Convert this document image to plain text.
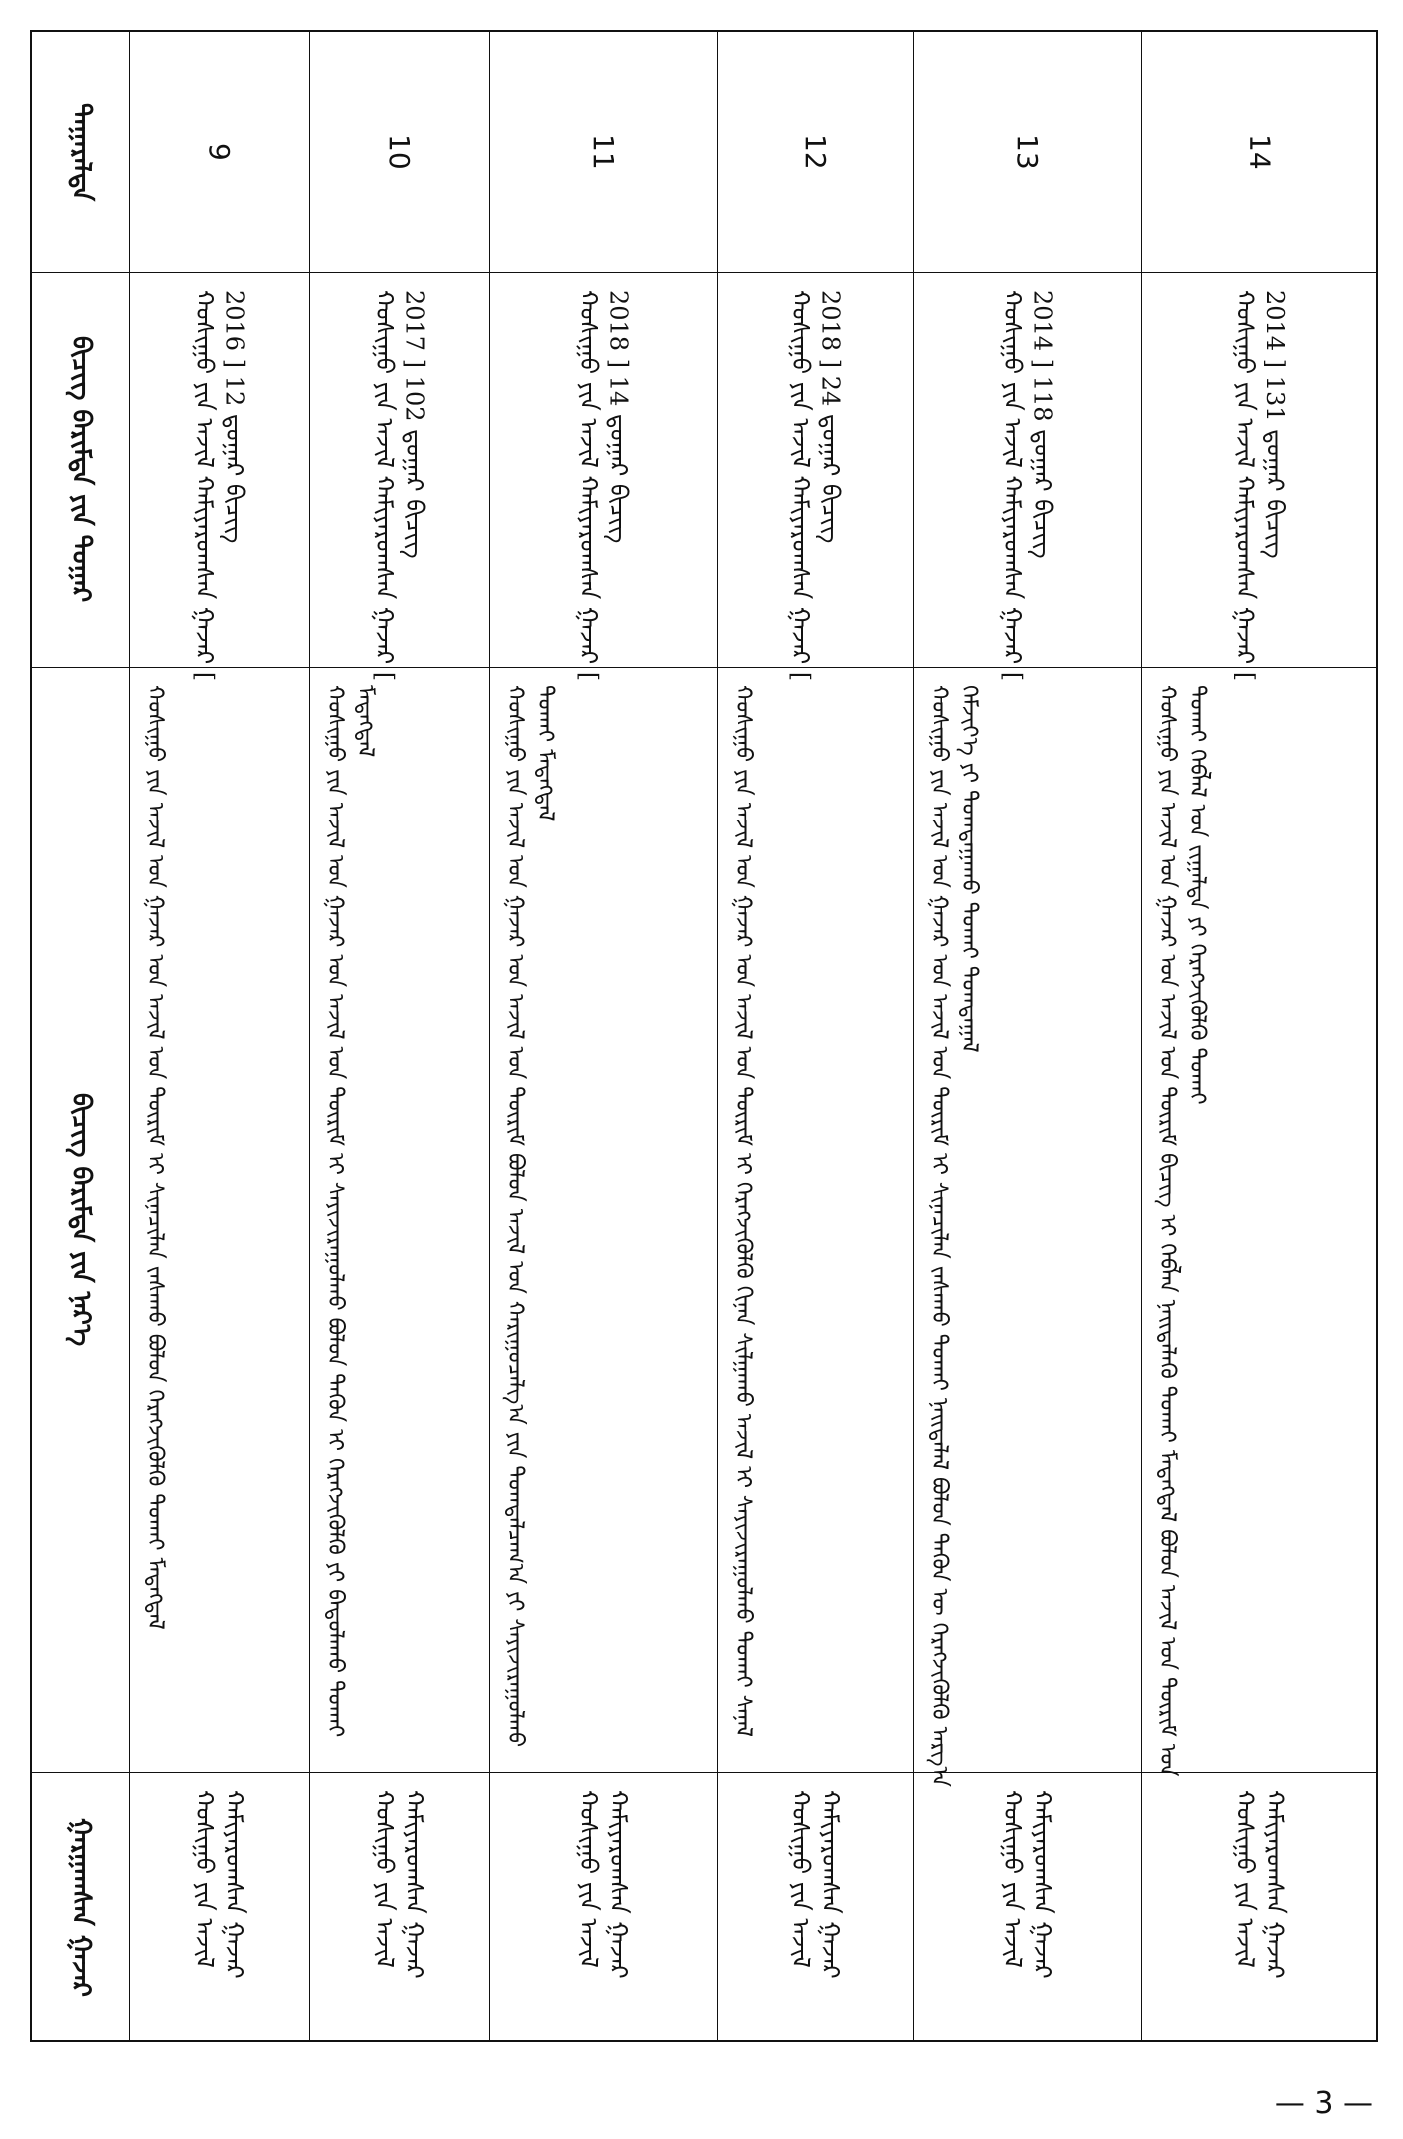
ᠳᠠᠭᠠᠷᠠᠯᠲᠠ
ᠪᠢᠴᠢᠭ ᠪᠠᠷᠢᠮᠲᠠ ᠶᠢᠨ ᠳᠤᠭᠠᠷ
ᠪᠢᠴᠢᠭ ᠪᠠᠷᠢᠮᠲᠠ ᠶᠢᠨ ᠨᠡᠷ᠎ᠡ
ᠭᠠᠷᠭᠠᠭᠰᠠᠨ ᠭᠠᠵᠠᠷ
9
ᠬᠣᠰᠢᠭᠤ ᠶᠢᠨ ᠠᠵᠢᠯ ᠬᠠᠮᠢᠶᠠᠷᠤᠭᠰᠠᠨ ᠭᠠᠵᠠᠷ [ 2016 ] 12 ᠳ᠋ᠤᠭᠠᠷ ᠪᠢᠴᠢᠭ
ᠬᠣᠰᠢᠭᠤ ᠶᠢᠨ ᠠᠵᠢᠯ ᠤᠨ ᠭᠠᠵᠠᠷ ᠤᠨ ᠠᠵᠢᠯ ᠤᠨ ᠳᠦᠷᠢᠮ ᠢ ᠰᠢᠨᠡᠴᠢᠯᠡᠨ ᠵᠠᠰᠠᠬᠤ ᠪᠣᠯᠣᠨ ᠬᠡᠷᠡᠭᠵᠢᠭᠦᠯᠬᠦ ᠲᠤᠬᠠᠢ ᠮᠡᠳᠡᠭᠳᠡᠯ
ᠬᠣᠰᠢᠭᠤ ᠶᠢᠨ ᠠᠵᠢᠯ ᠬᠠᠮᠢᠶᠠᠷᠤᠭᠰᠠᠨ ᠭᠠᠵᠠᠷ
10
ᠬᠣᠰᠢᠭᠤ ᠶᠢᠨ ᠠᠵᠢᠯ ᠬᠠᠮᠢᠶᠠᠷᠤᠭᠰᠠᠨ ᠭᠠᠵᠠᠷ [ 2017 ] 102 ᠳ᠋ᠤᠭᠠᠷ ᠪᠢᠴᠢᠭ
ᠬᠣᠰᠢᠭᠤ ᠶᠢᠨ ᠠᠵᠢᠯ ᠤᠨ ᠭᠠᠵᠠᠷ ᠤᠨ ᠠᠵᠢᠯ ᠤᠨ ᠳᠦᠷᠢᠮ ᠢ ᠰᠠᠶᠢᠵᠢᠷᠠᠭᠤᠯᠬᠤ ᠪᠣᠯᠣᠨ ᠲᠡᠭᠦᠨ ᠢ ᠬᠡᠷᠡᠭᠵᠢᠭᠦᠯᠬᠦ ᠶᠢ ᠪᠠᠲᠤᠯᠠᠬᠤ ᠲᠤᠬᠠᠢ ᠮᠡᠳᠡᠭᠳᠡᠯ
ᠬᠣᠰᠢᠭᠤ ᠶᠢᠨ ᠠᠵᠢᠯ ᠬᠠᠮᠢᠶᠠᠷᠤᠭᠰᠠᠨ ᠭᠠᠵᠠᠷ
11
ᠬᠣᠰᠢᠭᠤ ᠶᠢᠨ ᠠᠵᠢᠯ ᠬᠠᠮᠢᠶᠠᠷᠤᠭᠰᠠᠨ ᠭᠠᠵᠠᠷ [ 2018 ] 14 ᠳ᠋ᠤᠭᠠᠷ ᠪᠢᠴᠢᠭ
ᠬᠣᠰᠢᠭᠤ ᠶᠢᠨ ᠠᠵᠢᠯ ᠤᠨ ᠭᠠᠵᠠᠷ ᠤᠨ ᠠᠵᠢᠯ ᠤᠨ ᠳᠦᠷᠢᠮ ᠪᠣᠯᠣᠨ ᠠᠵᠢᠯ ᠤᠨ ᠬᠠᠷᠢᠭᠤᠴᠠᠯᠭ᠎ᠠ ᠶᠢᠨ ᠲᠣᠭᠲᠠᠯᠴᠠᠭ᠎ᠠ ᠶᠢ ᠰᠠᠶᠢᠵᠢᠷᠠᠭᠤᠯᠬᠤ ᠲᠤᠬᠠᠢ ᠮᠡᠳᠡᠭᠳᠡᠯ
ᠬᠣᠰᠢᠭᠤ ᠶᠢᠨ ᠠᠵᠢᠯ ᠬᠠᠮᠢᠶᠠᠷᠤᠭᠰᠠᠨ ᠭᠠᠵᠠᠷ
12
ᠬᠣᠰᠢᠭᠤ ᠶᠢᠨ ᠠᠵᠢᠯ ᠬᠠᠮᠢᠶᠠᠷᠤᠭᠰᠠᠨ ᠭᠠᠵᠠᠷ [ 2018 ] 24 ᠳ᠋ᠤᠭᠠᠷ ᠪᠢᠴᠢᠭ
ᠬᠣᠰᠢᠭᠤ ᠶᠢᠨ ᠠᠵᠢᠯ ᠤᠨ ᠭᠠᠵᠠᠷ ᠤᠨ ᠠᠵᠢᠯ ᠤᠨ ᠳᠦᠷᠢᠮ ᠢ ᠬᠡᠷᠡᠭᠵᠢᠭᠦᠯᠬᠦ ᠬᠢᠨᠠᠨ ᠰᠢᠯᠭᠠᠬᠤ ᠠᠵᠢᠯ ᠢ ᠰᠠᠶᠢᠵᠢᠷᠠᠭᠤᠯᠬᠤ ᠲᠤᠬᠠᠢ ᠰᠠᠨᠠᠯ
ᠬᠣᠰᠢᠭᠤ ᠶᠢᠨ ᠠᠵᠢᠯ ᠬᠠᠮᠢᠶᠠᠷᠤᠭᠰᠠᠨ ᠭᠠᠵᠠᠷ
13
ᠬᠣᠰᠢᠭᠤ ᠶᠢᠨ ᠠᠵᠢᠯ ᠬᠠᠮᠢᠶᠠᠷᠤᠭᠰᠠᠨ ᠭᠠᠵᠠᠷ [ 2014 ] 118 ᠳ᠋ᠤᠭᠠᠷ ᠪᠢᠴᠢᠭ
ᠬᠣᠰᠢᠭᠤ ᠶᠢᠨ ᠠᠵᠢᠯ ᠤᠨ ᠭᠠᠵᠠᠷ ᠤᠨ ᠠᠵᠢᠯ ᠤᠨ ᠳᠦᠷᠢᠮ ᠢ ᠰᠢᠨᠡᠴᠢᠯᠡᠨ ᠵᠠᠰᠠᠬᠤ ᠲᠤᠬᠠᠢ ᠨᠡᠢᠲᠡᠯᠡᠯ ᠪᠣᠯᠣᠨ ᠲᠡᠭᠦᠨ ᠦ ᠬᠡᠷᠡᠭᠵᠢᠭᠦᠯᠬᠦ ᠠᠷᠭ᠎ᠠ ᠬᠡᠮᠵᠢᠶ᠎ᠡ ᠶᠢ ᠲᠣᠭᠲᠠᠭᠠᠬᠤ ᠲᠤᠬᠠᠢ ᠲᠣᠭᠲᠠᠭᠠᠯ
ᠬᠣᠰᠢᠭᠤ ᠶᠢᠨ ᠠᠵᠢᠯ ᠬᠠᠮᠢᠶᠠᠷᠤᠭᠰᠠᠨ ᠭᠠᠵᠠᠷ
14
ᠬᠣᠰᠢᠭᠤ ᠶᠢᠨ ᠠᠵᠢᠯ ᠬᠠᠮᠢᠶᠠᠷᠤᠭᠰᠠᠨ ᠭᠠᠵᠠᠷ [ 2014 ] 131 ᠳ᠋ᠤᠭᠠᠷ ᠪᠢᠴᠢᠭ
ᠬᠣᠰᠢᠭᠤ ᠶᠢᠨ ᠠᠵᠢᠯ ᠤᠨ ᠭᠠᠵᠠᠷ ᠤᠨ ᠠᠵᠢᠯ ᠤᠨ ᠳᠦᠷᠢᠮ ᠪᠢᠴᠢᠭ ᠢ ᠬᠡᠪᠯᠡᠨ ᠨᠡᠢᠲᠡᠯᠡᠬᠦ ᠲᠤᠬᠠᠢ ᠮᠡᠳᠡᠭᠳᠡᠯ ᠪᠣᠯᠣᠨ ᠠᠵᠢᠯ ᠤᠨ ᠳᠦᠷᠢᠮ ᠤᠨ ᠲᠤᠬᠠᠢ ᠬᠡᠪᠯᠡᠯ ᠤᠨ ᠵᠢᠭᠠᠯᠲᠠ ᠶᠢ ᠬᠡᠷᠡᠭᠵᠢᠭᠦᠯᠬᠦ ᠲᠤᠬᠠᠢ
ᠬᠣᠰᠢᠭᠤ ᠶᠢᠨ ᠠᠵᠢᠯ ᠬᠠᠮᠢᠶᠠᠷᠤᠭᠰᠠᠨ ᠭᠠᠵᠠᠷ
— 3 —
